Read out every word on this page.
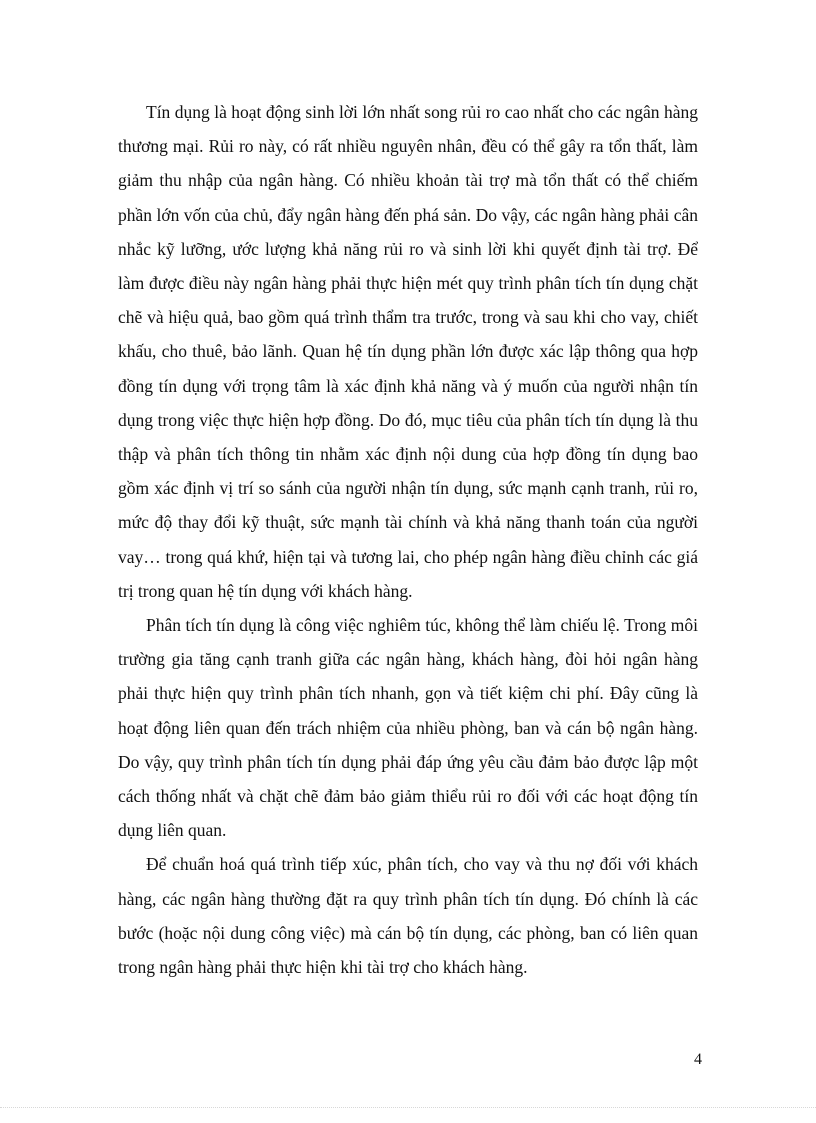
Tín dụng là hoạt động sinh lời lớn nhất song rủi ro cao nhất cho các ngân hàng thương mại. Rủi ro này, có rất nhiều nguyên nhân, đều có thể gây ra tổn thất, làm giảm thu nhập của ngân hàng. Có nhiều khoản tài trợ mà tổn thất có thể chiếm phần lớn vốn của chủ, đẩy ngân hàng đến phá sản. Do vậy, các ngân hàng phải cân nhắc kỹ lưỡng, ước lượng khả năng rủi ro và sinh lời khi quyết định tài trợ. Để làm được điều này ngân hàng phải thực hiện mét quy trình phân tích tín dụng chặt chẽ và hiệu quả, bao gồm quá trình thẩm tra trước, trong và sau khi cho vay, chiết khấu, cho thuê, bảo lãnh. Quan hệ tín dụng phần lớn được xác lập thông qua hợp đồng tín dụng với trọng tâm là xác định khả năng và ý muốn của người nhận tín dụng trong việc thực hiện hợp đồng. Do đó, mục tiêu của phân tích tín dụng là thu thập và phân tích thông tin nhằm xác định nội dung của hợp đồng tín dụng bao gồm xác định vị trí so sánh của người nhận tín dụng, sức mạnh cạnh tranh, rủi ro, mức độ thay đổi kỹ thuật, sức mạnh tài chính và khả năng thanh toán của người vay… trong quá khứ, hiện tại và tương lai, cho phép ngân hàng điều chỉnh các giá trị trong quan hệ tín dụng với khách hàng.

Phân tích tín dụng là công việc nghiêm túc, không thể làm chiếu lệ. Trong môi trường gia tăng cạnh tranh giữa các ngân hàng, khách hàng, đòi hỏi ngân hàng phải thực hiện quy trình phân tích nhanh, gọn và tiết kiệm chi phí. Đây cũng là hoạt động liên quan đến trách nhiệm của nhiều phòng, ban và cán bộ ngân hàng. Do vậy, quy trình phân tích tín dụng phải đáp ứng yêu cầu đảm bảo được lập một cách thống nhất và chặt chẽ đảm bảo giảm thiểu rủi ro đối với các hoạt động tín dụng liên quan.

Để chuẩn hoá quá trình tiếp xúc, phân tích, cho vay và thu nợ đối với khách hàng, các ngân hàng thường đặt ra quy trình phân tích tín dụng. Đó chính là các bước (hoặc nội dung công việc) mà cán bộ tín dụng, các phòng, ban có liên quan trong ngân hàng phải thực hiện khi tài trợ cho khách hàng.

4
